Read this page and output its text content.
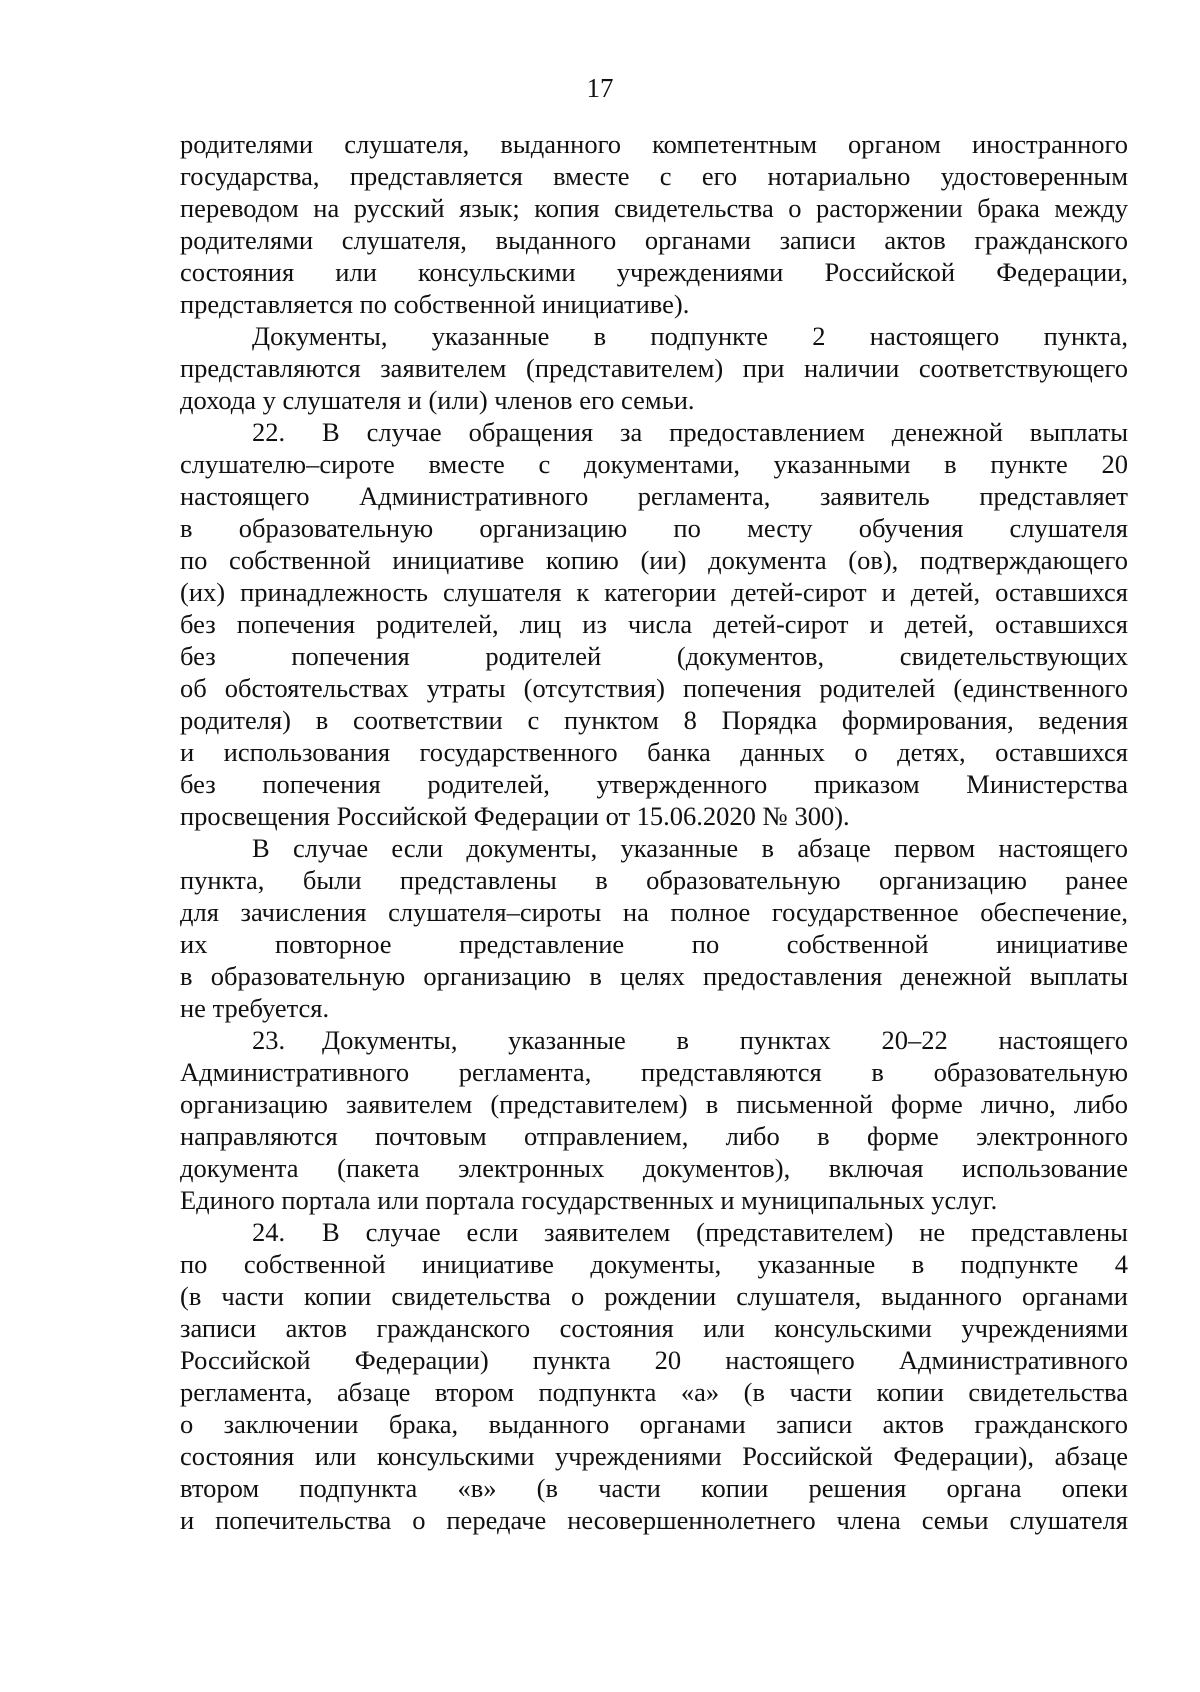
17

родителями слушателя, выданного компетентным органом иностранного

государства, представляется вместе с его нотариально удостоверенным

переводом на русский язык; копия свидетельства о расторжении брака между

родителями слушателя, выданного органами записи актов гражданского

состояния или консульскими учреждениями Российской Федерации,

представляется по собственной инициативе).

Документы, указанные в подпункте 2 настоящего пункта,

представляются заявителем (представителем) при наличии соответствующего

дохода у слушателя и (или) членов его семьи.

22. В случае обращения за предоставлением денежной выплаты

слушателю–сироте вместе с документами, указанными в пункте 20

настоящего Административного регламента, заявитель представляет

в образовательную организацию по месту обучения слушателя

по собственной инициативе копию (ии) документа (ов), подтверждающего

(их) принадлежность слушателя к категории детей-сирот и детей, оставшихся

без попечения родителей, лиц из числа детей-сирот и детей, оставшихся

без попечения родителей (документов, свидетельствующих

об обстоятельствах утраты (отсутствия) попечения родителей (единственного

родителя) в соответствии с пунктом 8 Порядка формирования, ведения

и использования государственного банка данных о детях, оставшихся

без попечения родителей, утвержденного приказом Министерства

просвещения Российской Федерации от 15.06.2020 № 300).

В случае если документы, указанные в абзаце первом настоящего

пункта, были представлены в образовательную организацию ранее

для зачисления слушателя–сироты на полное государственное обеспечение,

их повторное представление по собственной инициативе

в образовательную организацию в целях предоставления денежной выплаты

не требуется.

23. Документы, указанные в пунктах 20–22 настоящего

Административного регламента, представляются в образовательную

организацию заявителем (представителем) в письменной форме лично, либо

направляются почтовым отправлением, либо в форме электронного

документа (пакета электронных документов), включая использование

Единого портала или портала государственных и муниципальных услуг.

24. В случае если заявителем (представителем) не представлены

по собственной инициативе документы, указанные в подпункте 4

(в части копии свидетельства о рождении слушателя, выданного органами

записи актов гражданского состояния или консульскими учреждениями

Российской Федерации) пункта 20 настоящего Административного

регламента, абзаце втором подпункта «а» (в части копии свидетельства

о заключении брака, выданного органами записи актов гражданского

состояния или консульскими учреждениями Российской Федерации), абзаце

втором подпункта «в» (в части копии решения органа опеки

и попечительства о передаче несовершеннолетнего члена семьи слушателя
